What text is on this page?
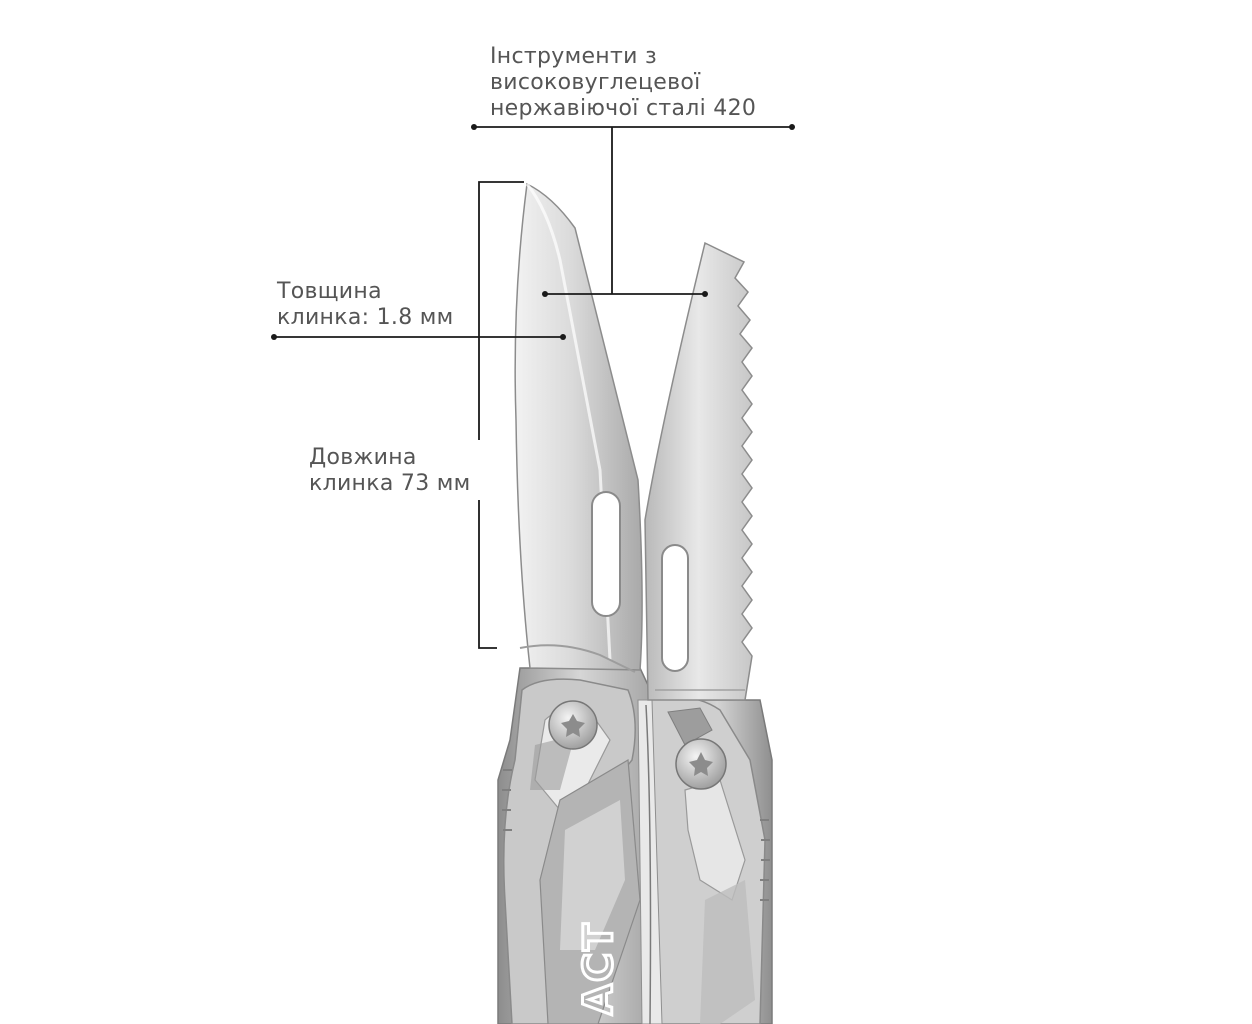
ACT
Інструменти з
високовуглецевої
нержавіючої сталі 420
Товщина
клинка: 1.8 мм
Довжина
клинка 73 мм
